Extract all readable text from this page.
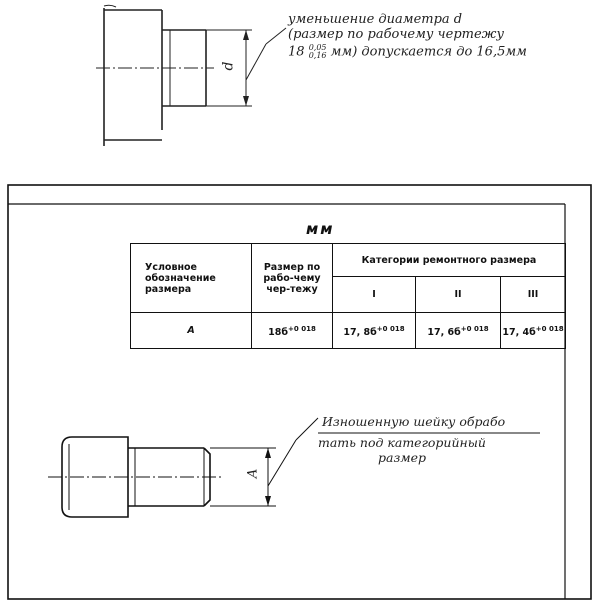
d
уменьшение диаметра d
(размер по рабочему чертежу
18 0,05
0,16 мм) допускается до 16,5мм
мм
Условное обозначение размера	Размер по рабо-чему чер-тежу	Категории ремонтного размера		
		I	II	III
А	$18б^{+0 018}$	17, $8б^{+0 018}$	17, $6б^{+0 018}$	17, $4б^{+0 018}$
А
Изношенную шейку обрабо
тать под категорийный
размер
